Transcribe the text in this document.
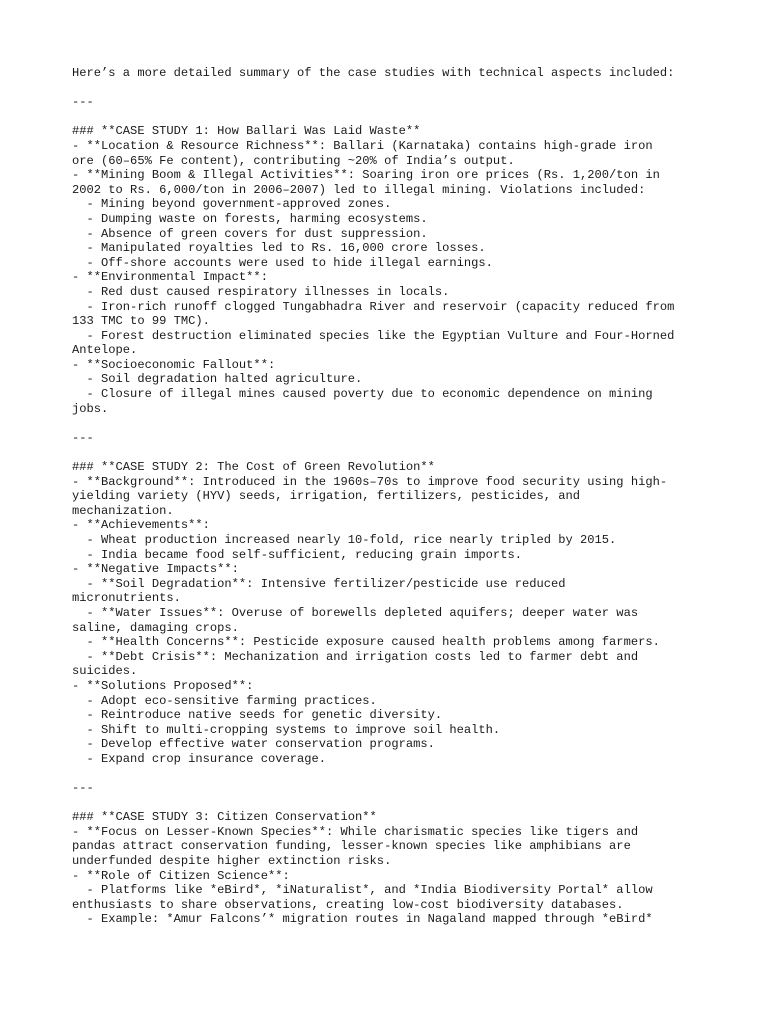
Here’s a more detailed summary of the case studies with technical aspects included:
---
### **CASE STUDY 1: How Ballari Was Laid Waste**
- **Location & Resource Richness**: Ballari (Karnataka) contains high-grade iron
ore (60–65% Fe content), contributing ~20% of India’s output.
- **Mining Boom & Illegal Activities**: Soaring iron ore prices (Rs. 1,200/ton in
2002 to Rs. 6,000/ton in 2006–2007) led to illegal mining. Violations included:
- Mining beyond government-approved zones.
- Dumping waste on forests, harming ecosystems.
- Absence of green covers for dust suppression.
- Manipulated royalties led to Rs. 16,000 crore losses.
- Off-shore accounts were used to hide illegal earnings.
- **Environmental Impact**:
- Red dust caused respiratory illnesses in locals.
- Iron-rich runoff clogged Tungabhadra River and reservoir (capacity reduced from
133 TMC to 99 TMC).
- Forest destruction eliminated species like the Egyptian Vulture and Four-Horned
Antelope.
- **Socioeconomic Fallout**:
- Soil degradation halted agriculture.
- Closure of illegal mines caused poverty due to economic dependence on mining
jobs.
---
### **CASE STUDY 2: The Cost of Green Revolution**
- **Background**: Introduced in the 1960s–70s to improve food security using high-
yielding variety (HYV) seeds, irrigation, fertilizers, pesticides, and
mechanization.
- **Achievements**:
- Wheat production increased nearly 10-fold, rice nearly tripled by 2015.
- India became food self-sufficient, reducing grain imports.
- **Negative Impacts**:
- **Soil Degradation**: Intensive fertilizer/pesticide use reduced
micronutrients.
- **Water Issues**: Overuse of borewells depleted aquifers; deeper water was
saline, damaging crops.
- **Health Concerns**: Pesticide exposure caused health problems among farmers.
- **Debt Crisis**: Mechanization and irrigation costs led to farmer debt and
suicides.
- **Solutions Proposed**:
- Adopt eco-sensitive farming practices.
- Reintroduce native seeds for genetic diversity.
- Shift to multi-cropping systems to improve soil health.
- Develop effective water conservation programs.
- Expand crop insurance coverage.
---
### **CASE STUDY 3: Citizen Conservation**
- **Focus on Lesser-Known Species**: While charismatic species like tigers and
pandas attract conservation funding, lesser-known species like amphibians are
underfunded despite higher extinction risks.
- **Role of Citizen Science**:
- Platforms like *eBird*, *iNaturalist*, and *India Biodiversity Portal* allow
enthusiasts to share observations, creating low-cost biodiversity databases.
- Example: *Amur Falcons’* migration routes in Nagaland mapped through *eBird*
